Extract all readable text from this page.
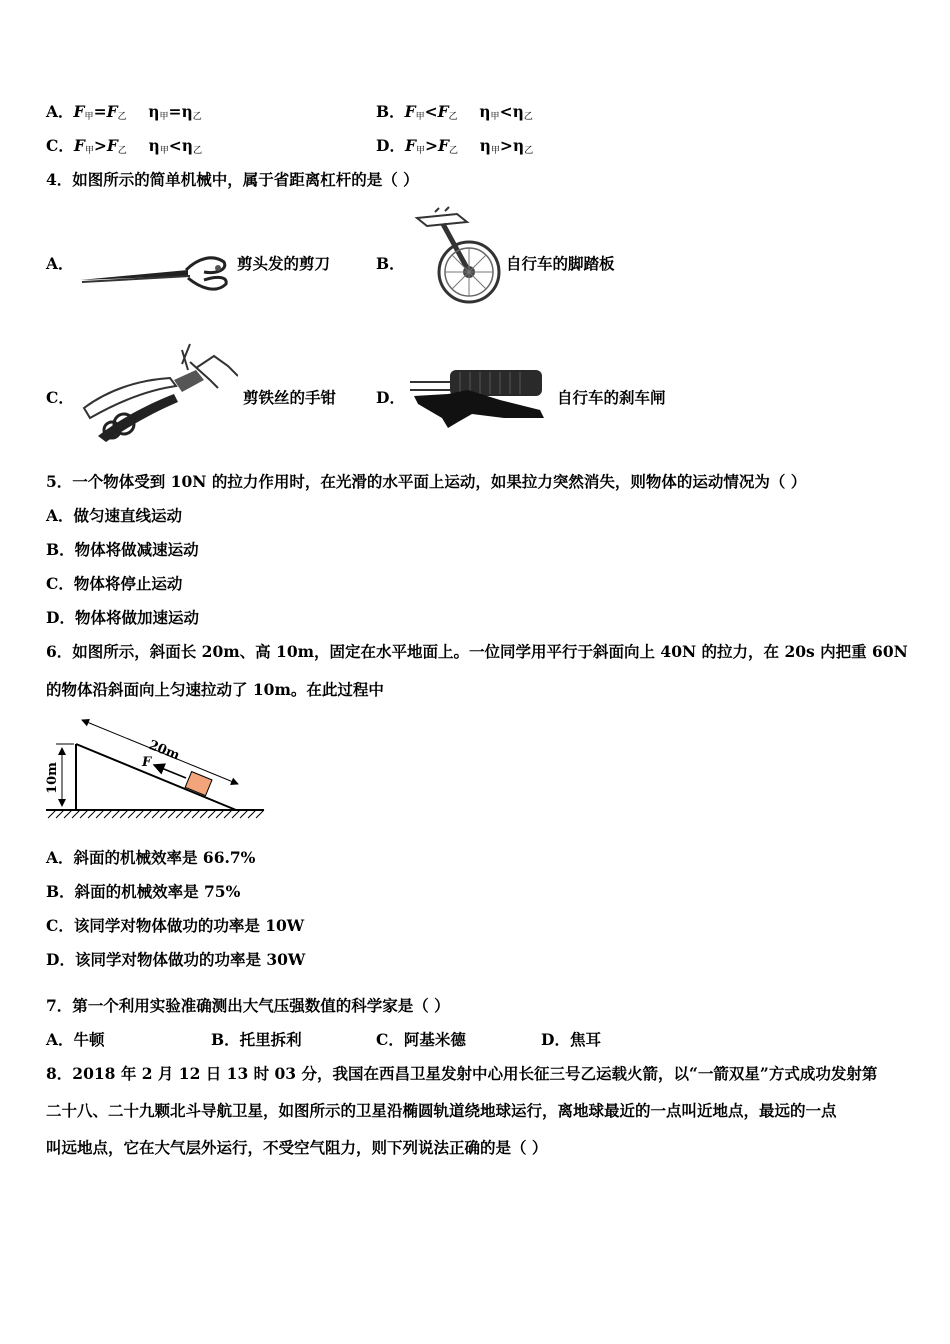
A．$F_甲=F_乙$ $\eta_甲=\eta_乙$	B．$F_甲<F_乙$ $\eta_甲<\eta_乙$
C．$F_甲>F_乙$ $\eta_甲<\eta_乙$	D．$F_甲>F_乙$ $\eta_甲>\eta_乙$
4．如图所示的简单机械中，属于省距离杠杆的是（ ）
A．	剪头发的剪刀	B．	自行车的脚踏板
C．	剪铁丝的手钳	D．	自行车的刹车闸
5．一个物体受到 10N 的拉力作用时，在光滑的水平面上运动，如果拉力突然消失，则物体的运动情况为（ ）
A．做匀速直线运动
B．物体将做减速运动
C．物体将停止运动
D．物体将做加速运动
6．如图所示，斜面长 20m、高 10m，固定在水平地面上。一位同学用平行于斜面向上 40N 的拉力，在 20s 内把重 60N
的物体沿斜面向上匀速拉动了 10m。在此过程中
10m
20m
F
A．斜面的机械效率是 66.7%
B．斜面的机械效率是 75%
C．该同学对物体做功的功率是 10W
D．该同学对物体做功的功率是 30W
7．第一个利用实验准确测出大气压强数值的科学家是（ ）
A．牛顿	B．托里拆利	C．阿基米德	D．焦耳
8．2018 年 2 月 12 日 13 时 03 分，我国在西昌卫星发射中心用长征三号乙运载火箭，以“一箭双星”方式成功发射第
二十八、二十九颗北斗导航卫星，如图所示的卫星沿椭圆轨道绕地球运行，离地球最近的一点叫近地点，最远的一点
叫远地点，它在大气层外运行，不受空气阻力，则下列说法正确的是（ ）
